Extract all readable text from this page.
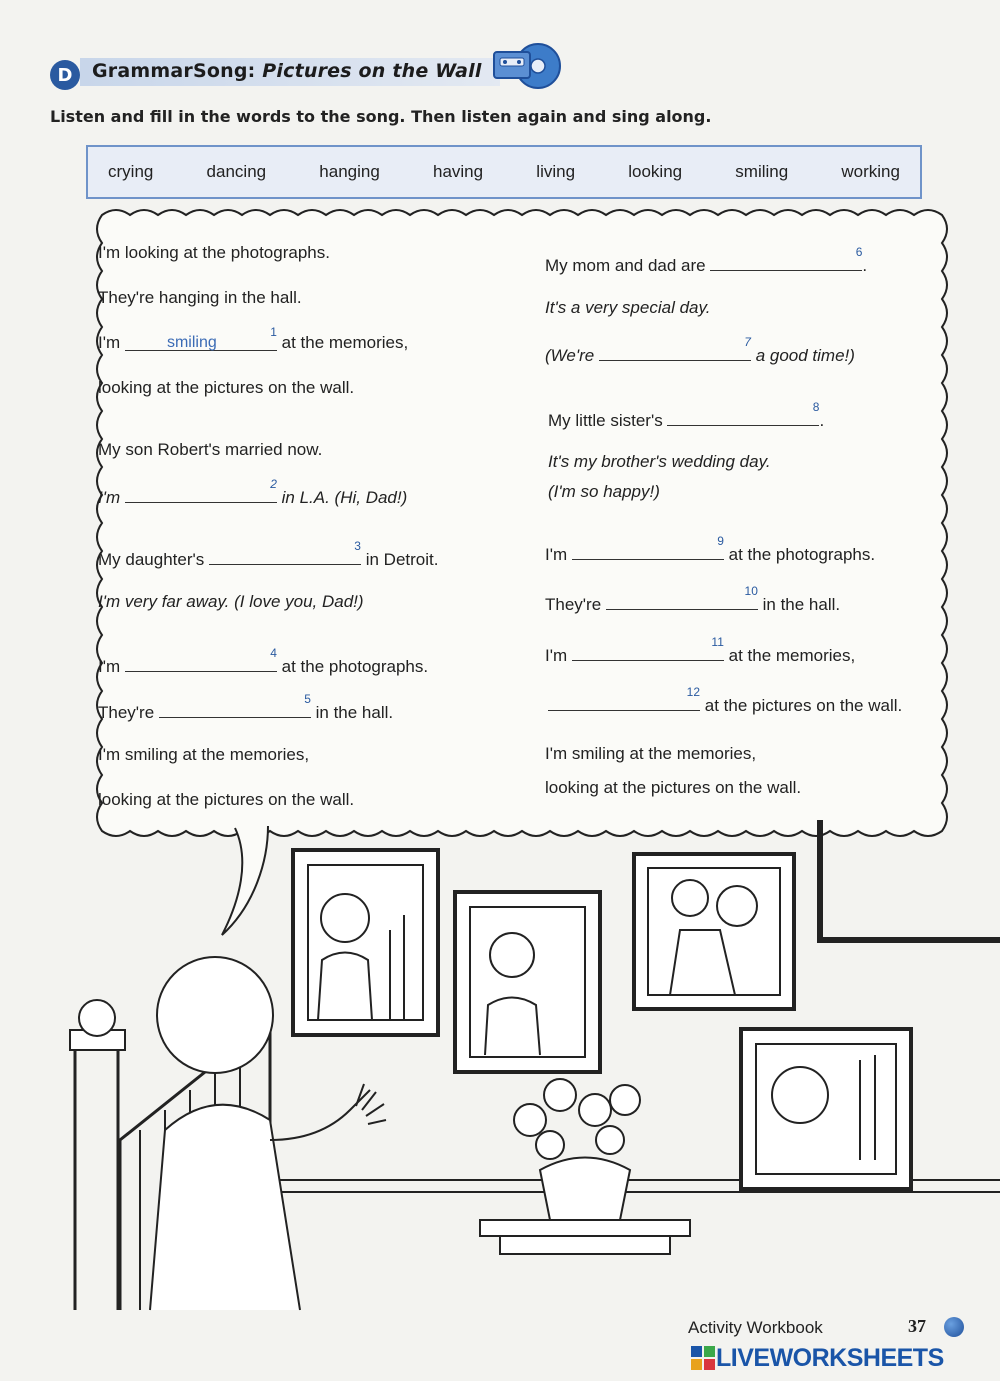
D	GrammarSong: Pictures on the Wall
Listen and fill in the words to the song. Then listen again and sing along.
crying	dancing	hanging	having	living	looking	smiling	working
I'm looking at the photographs.
They're hanging in the hall.
I'm	smiling
1
at the memories,
looking at the pictures on the wall.
My son Robert's married now.
I'm
2
in L.A. (Hi, Dad!)
My daughter's
3
in Detroit.
I'm very far away. (I love you, Dad!)
I'm
4
at the photographs.
They're
5
in the hall.
I'm smiling at the memories,
looking at the pictures on the wall.
My mom and dad are
6
.
It's a very special day.
(We're
7
a good time!)
My little sister's
8
.
It's my brother's wedding day.
(I'm so happy!)
I'm
9
at the photographs.
They're
10
in the hall.
I'm
11
at the memories,
12
at the pictures on the wall.
I'm smiling at the memories,
looking at the pictures on the wall.
Activity Workbook	37
LIVEWORKSHEETS
